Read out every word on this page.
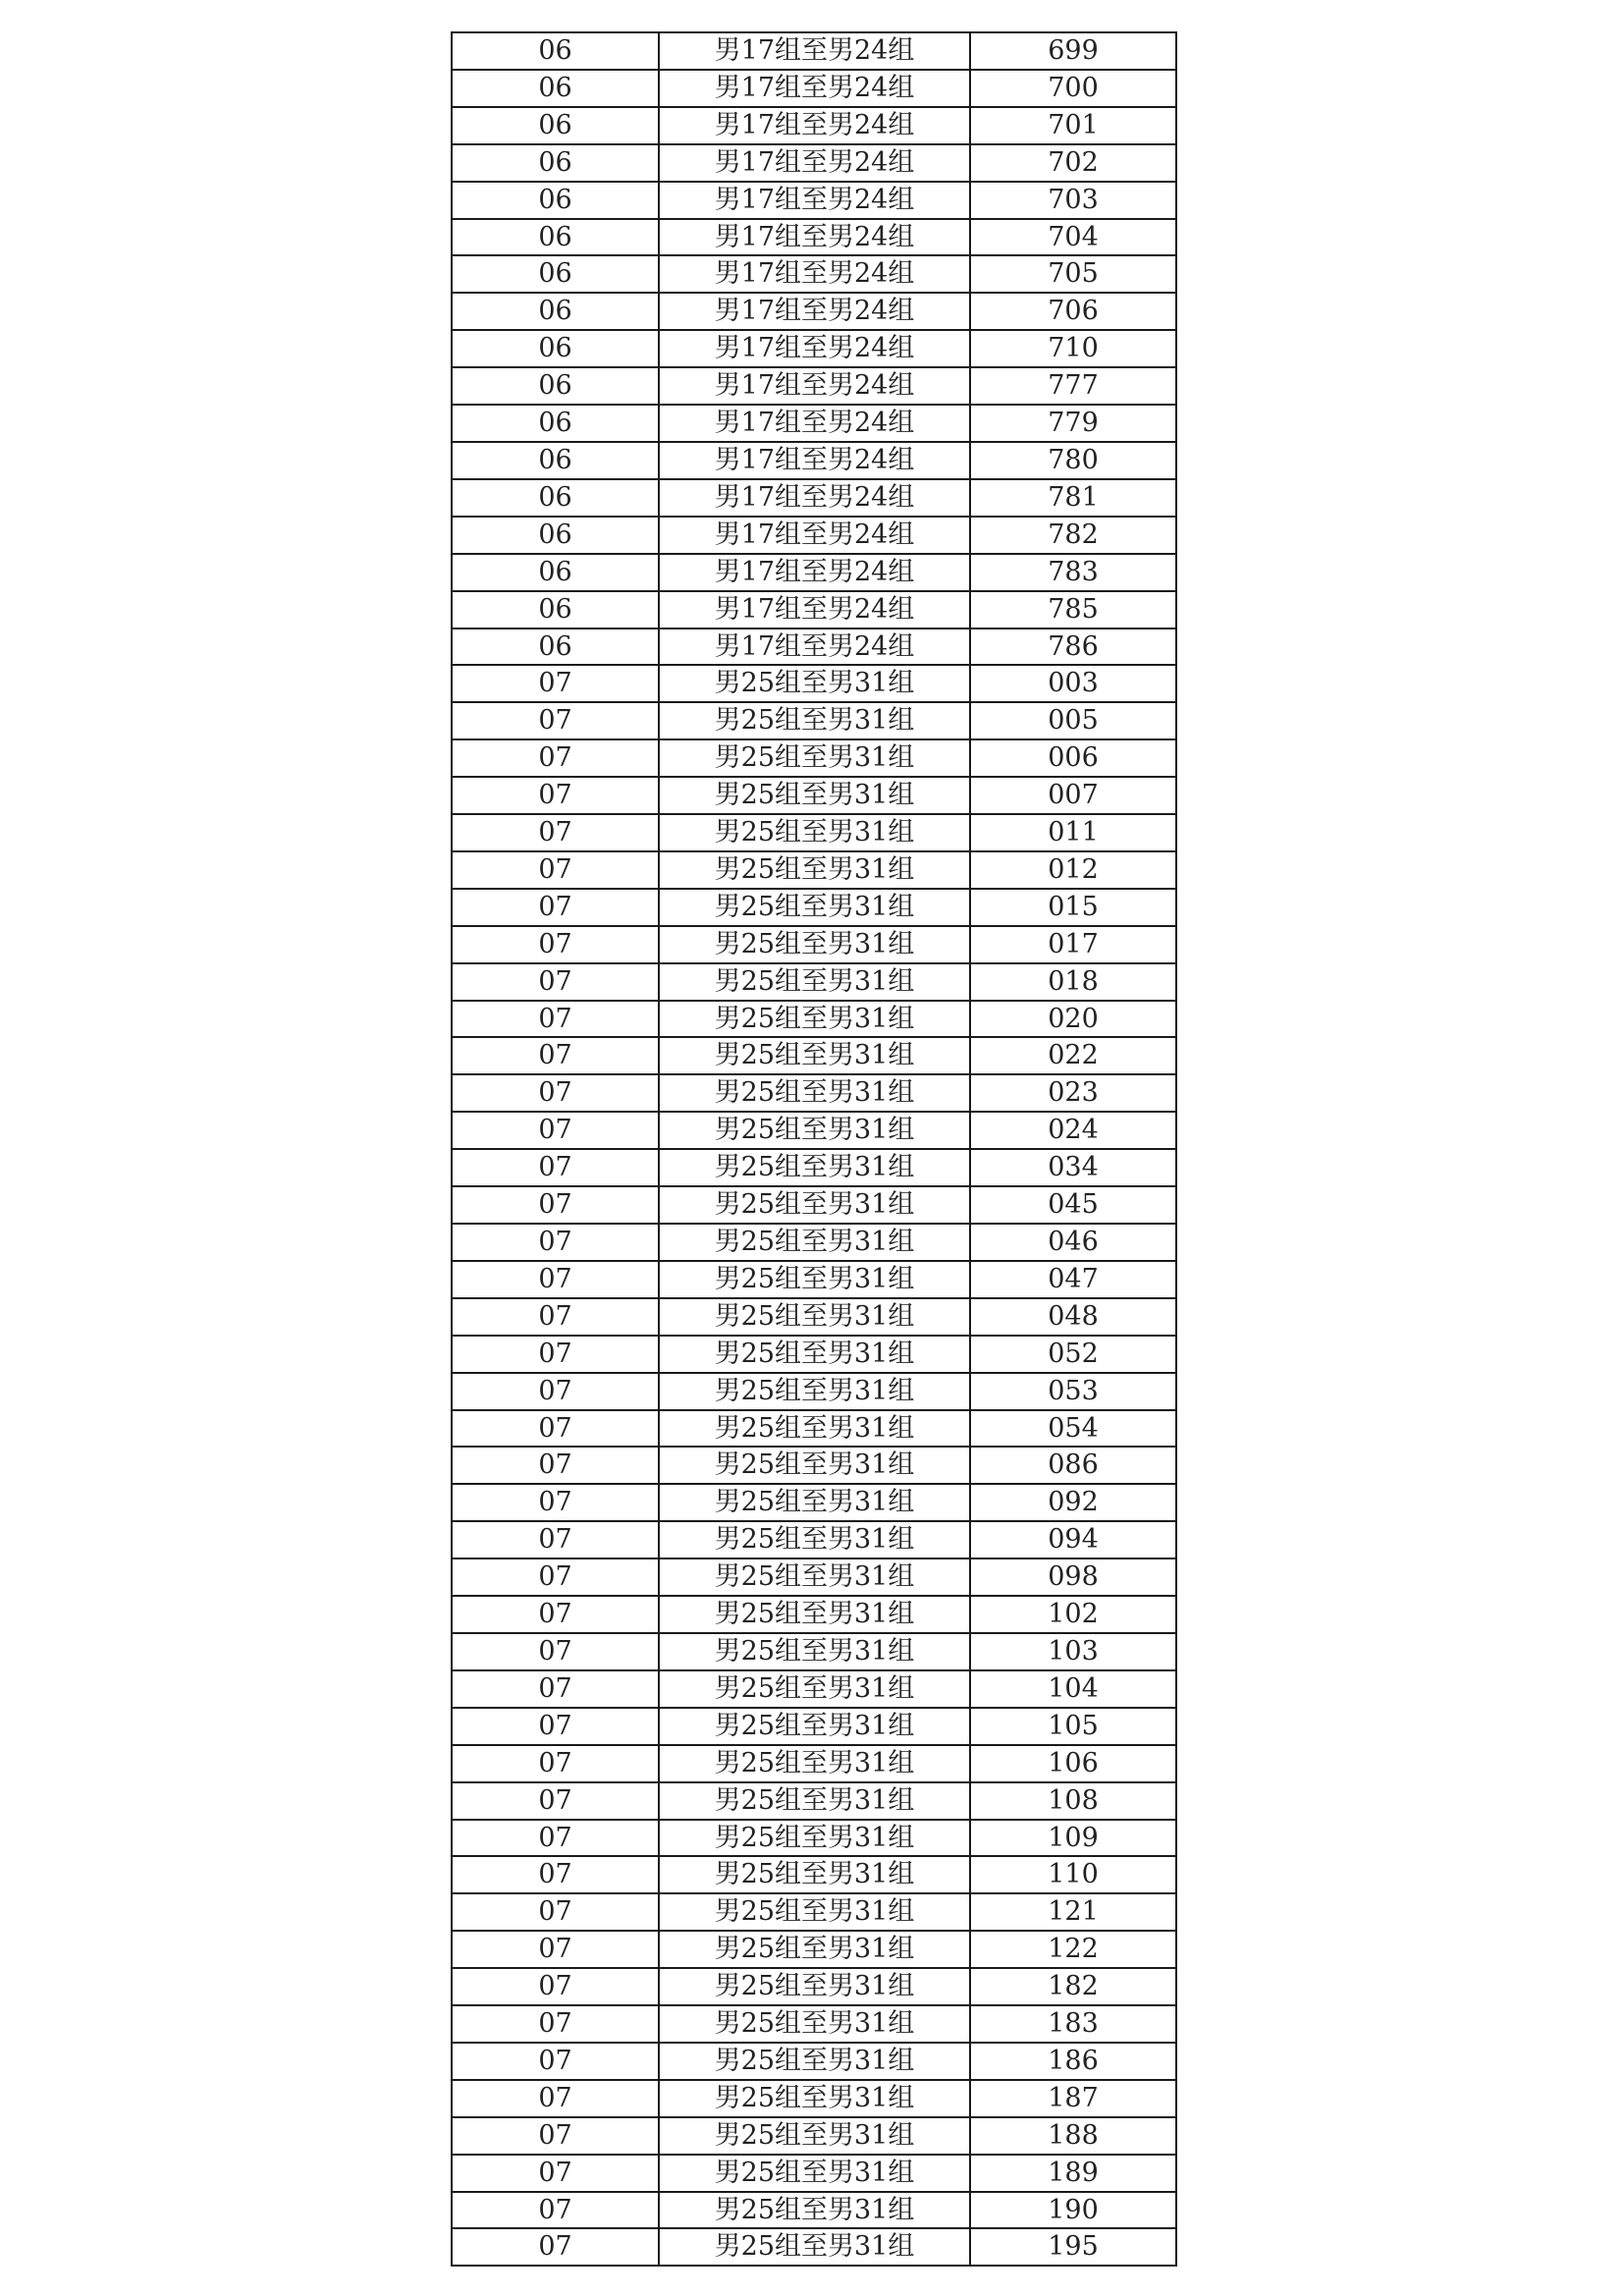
06	男17组至男24组	699
06	男17组至男24组	700
06	男17组至男24组	701
06	男17组至男24组	702
06	男17组至男24组	703
06	男17组至男24组	704
06	男17组至男24组	705
06	男17组至男24组	706
06	男17组至男24组	710
06	男17组至男24组	777
06	男17组至男24组	779
06	男17组至男24组	780
06	男17组至男24组	781
06	男17组至男24组	782
06	男17组至男24组	783
06	男17组至男24组	785
06	男17组至男24组	786
07	男25组至男31组	003
07	男25组至男31组	005
07	男25组至男31组	006
07	男25组至男31组	007
07	男25组至男31组	011
07	男25组至男31组	012
07	男25组至男31组	015
07	男25组至男31组	017
07	男25组至男31组	018
07	男25组至男31组	020
07	男25组至男31组	022
07	男25组至男31组	023
07	男25组至男31组	024
07	男25组至男31组	034
07	男25组至男31组	045
07	男25组至男31组	046
07	男25组至男31组	047
07	男25组至男31组	048
07	男25组至男31组	052
07	男25组至男31组	053
07	男25组至男31组	054
07	男25组至男31组	086
07	男25组至男31组	092
07	男25组至男31组	094
07	男25组至男31组	098
07	男25组至男31组	102
07	男25组至男31组	103
07	男25组至男31组	104
07	男25组至男31组	105
07	男25组至男31组	106
07	男25组至男31组	108
07	男25组至男31组	109
07	男25组至男31组	110
07	男25组至男31组	121
07	男25组至男31组	122
07	男25组至男31组	182
07	男25组至男31组	183
07	男25组至男31组	186
07	男25组至男31组	187
07	男25组至男31组	188
07	男25组至男31组	189
07	男25组至男31组	190
07	男25组至男31组	195
